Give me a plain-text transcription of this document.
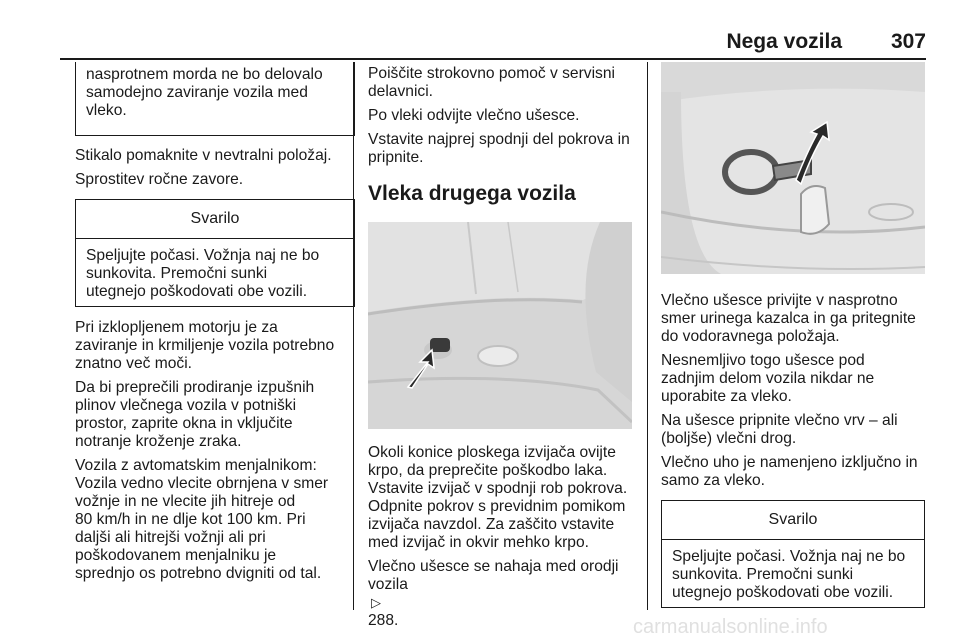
Nega vozila 307
nasprotnem morda ne bo delovalo
samodejno zaviranje vozila med
vleko.

Stikalo pomaknite v nevtralni položaj.

Sprostitev ročne zavore.

Svarilo
Speljujte počasi. Vožnja naj ne bo
sunkovita. Premočni sunki
utegnejo poškodovati obe vozili.
Pri izklopljenem motorju je za
zaviranje in krmiljenje vozila potrebno
znatno več moči.
Da bi preprečili prodiranje izpušnih
plinov vlečnega vozila v potniški
prostor, zaprite okna in vključite
notranje kroženje zraka.
Vozila z avtomatskim menjalnikom:
Vozila vedno vlecite obrnjena v smer
vožnje in ne vlecite jih hitreje od
80 km/h in ne dlje kot 100 km. Pri
daljši ali hitrejši vožnji ali pri
poškodovanem menjalniku je
sprednjo os potrebno dvigniti od tal.
Poiščite strokovno pomoč v servisni
delavnici.

Po vleki odvijte vlečno ušesce.

Vstavite najprej spodnji del pokrova in
pripnite.
Vleka drugega vozila
Okoli konice ploskega izvijača ovijte
krpo, da preprečite poškodbo laka.
Vstavite izvijač v spodnji rob pokrova.
Odpnite pokrov s previdnim pomikom
izvijača navzdol. Za zaščito vstavite
med izvijač in okvir mehko krpo.
Vlečno ušesce se nahaja med orodji
vozila
▷
288.
Vlečno ušesce privijte v nasprotno
smer urinega kazalca in ga pritegnite
do vodoravnega položaja.
Nesnemljivo togo ušesce pod
zadnjim delom vozila nikdar ne
uporabite za vleko.
Na ušesce pripnite vlečno vrv – ali
(boljše) vlečni drog.
Vlečno uho je namenjeno izključno in
samo za vleko.
Svarilo
Speljujte počasi. Vožnja naj ne bo
sunkovita. Premočni sunki
utegnejo poškodovati obe vozili.
carmanualsonline.info
